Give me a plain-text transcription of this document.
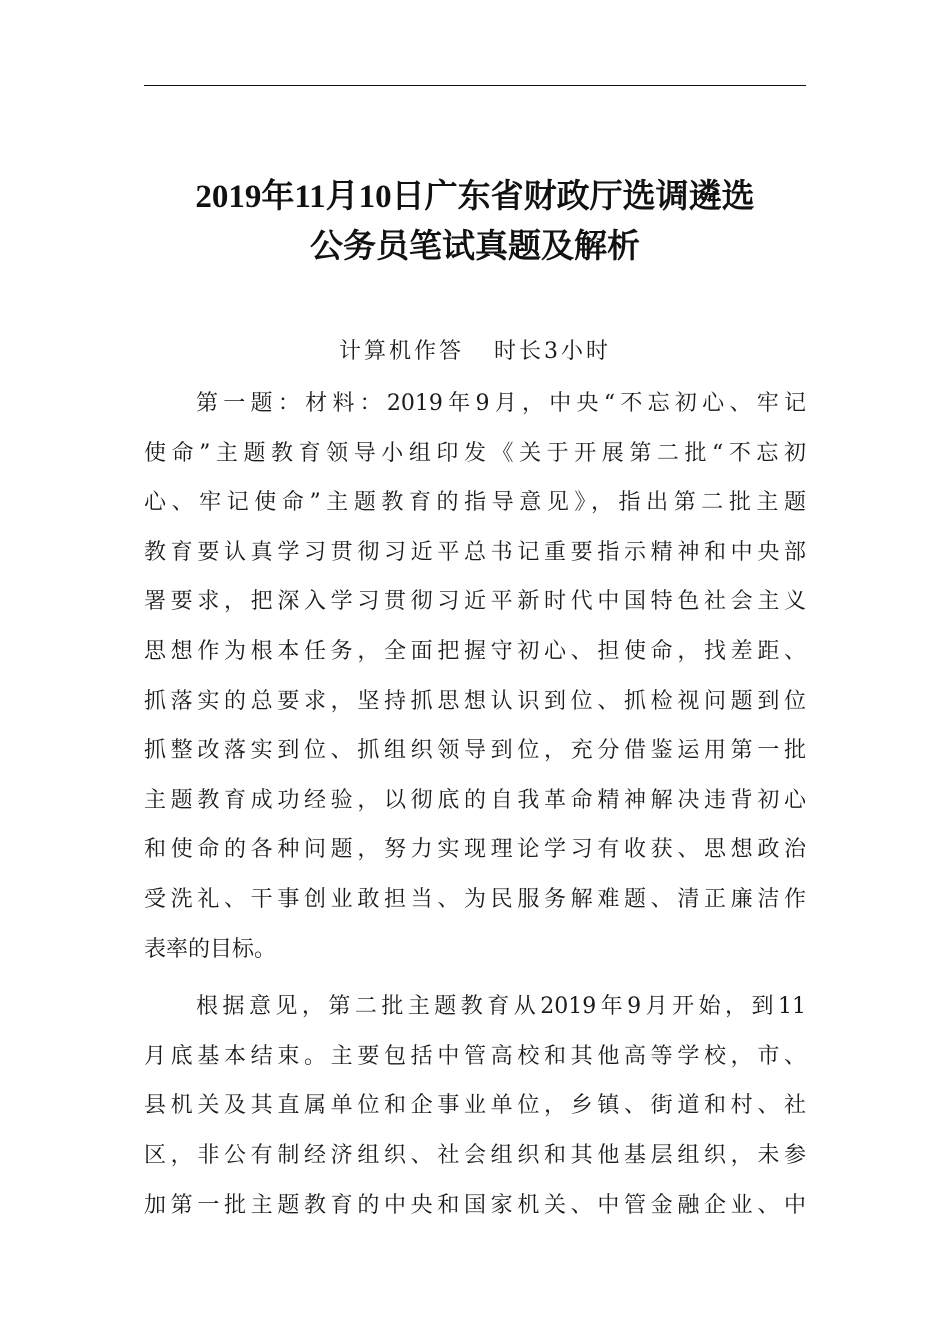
2019年11月10日广东省财政厅选调遴选
公务员笔试真题及解析
计算机作答   时长3小时
第一题：材料：2019年9月，中央“不忘初心、牢记
使命”主题教育领导小组印发《关于开展第二批“不忘初
心、牢记使命”主题教育的指导意见》，指出第二批主题
教育要认真学习贯彻习近平总书记重要指示精神和中央部
署要求，把深入学习贯彻习近平新时代中国特色社会主义
思想作为根本任务，全面把握守初心、担使命，找差距、
抓落实的总要求，坚持抓思想认识到位、抓检视问题到位
抓整改落实到位、抓组织领导到位，充分借鉴运用第一批
主题教育成功经验，以彻底的自我革命精神解决违背初心
和使命的各种问题，努力实现理论学习有收获、思想政治
受洗礼、干事创业敢担当、为民服务解难题、清正廉洁作
表率的目标。
根据意见，第二批主题教育从2019年9月开始，到11
月底基本结束。主要包括中管高校和其他高等学校，市、
县机关及其直属单位和企事业单位，乡镇、街道和村、社
区，非公有制经济组织、社会组织和其他基层组织，未参
加第一批主题教育的中央和国家机关、中管金融企业、中
